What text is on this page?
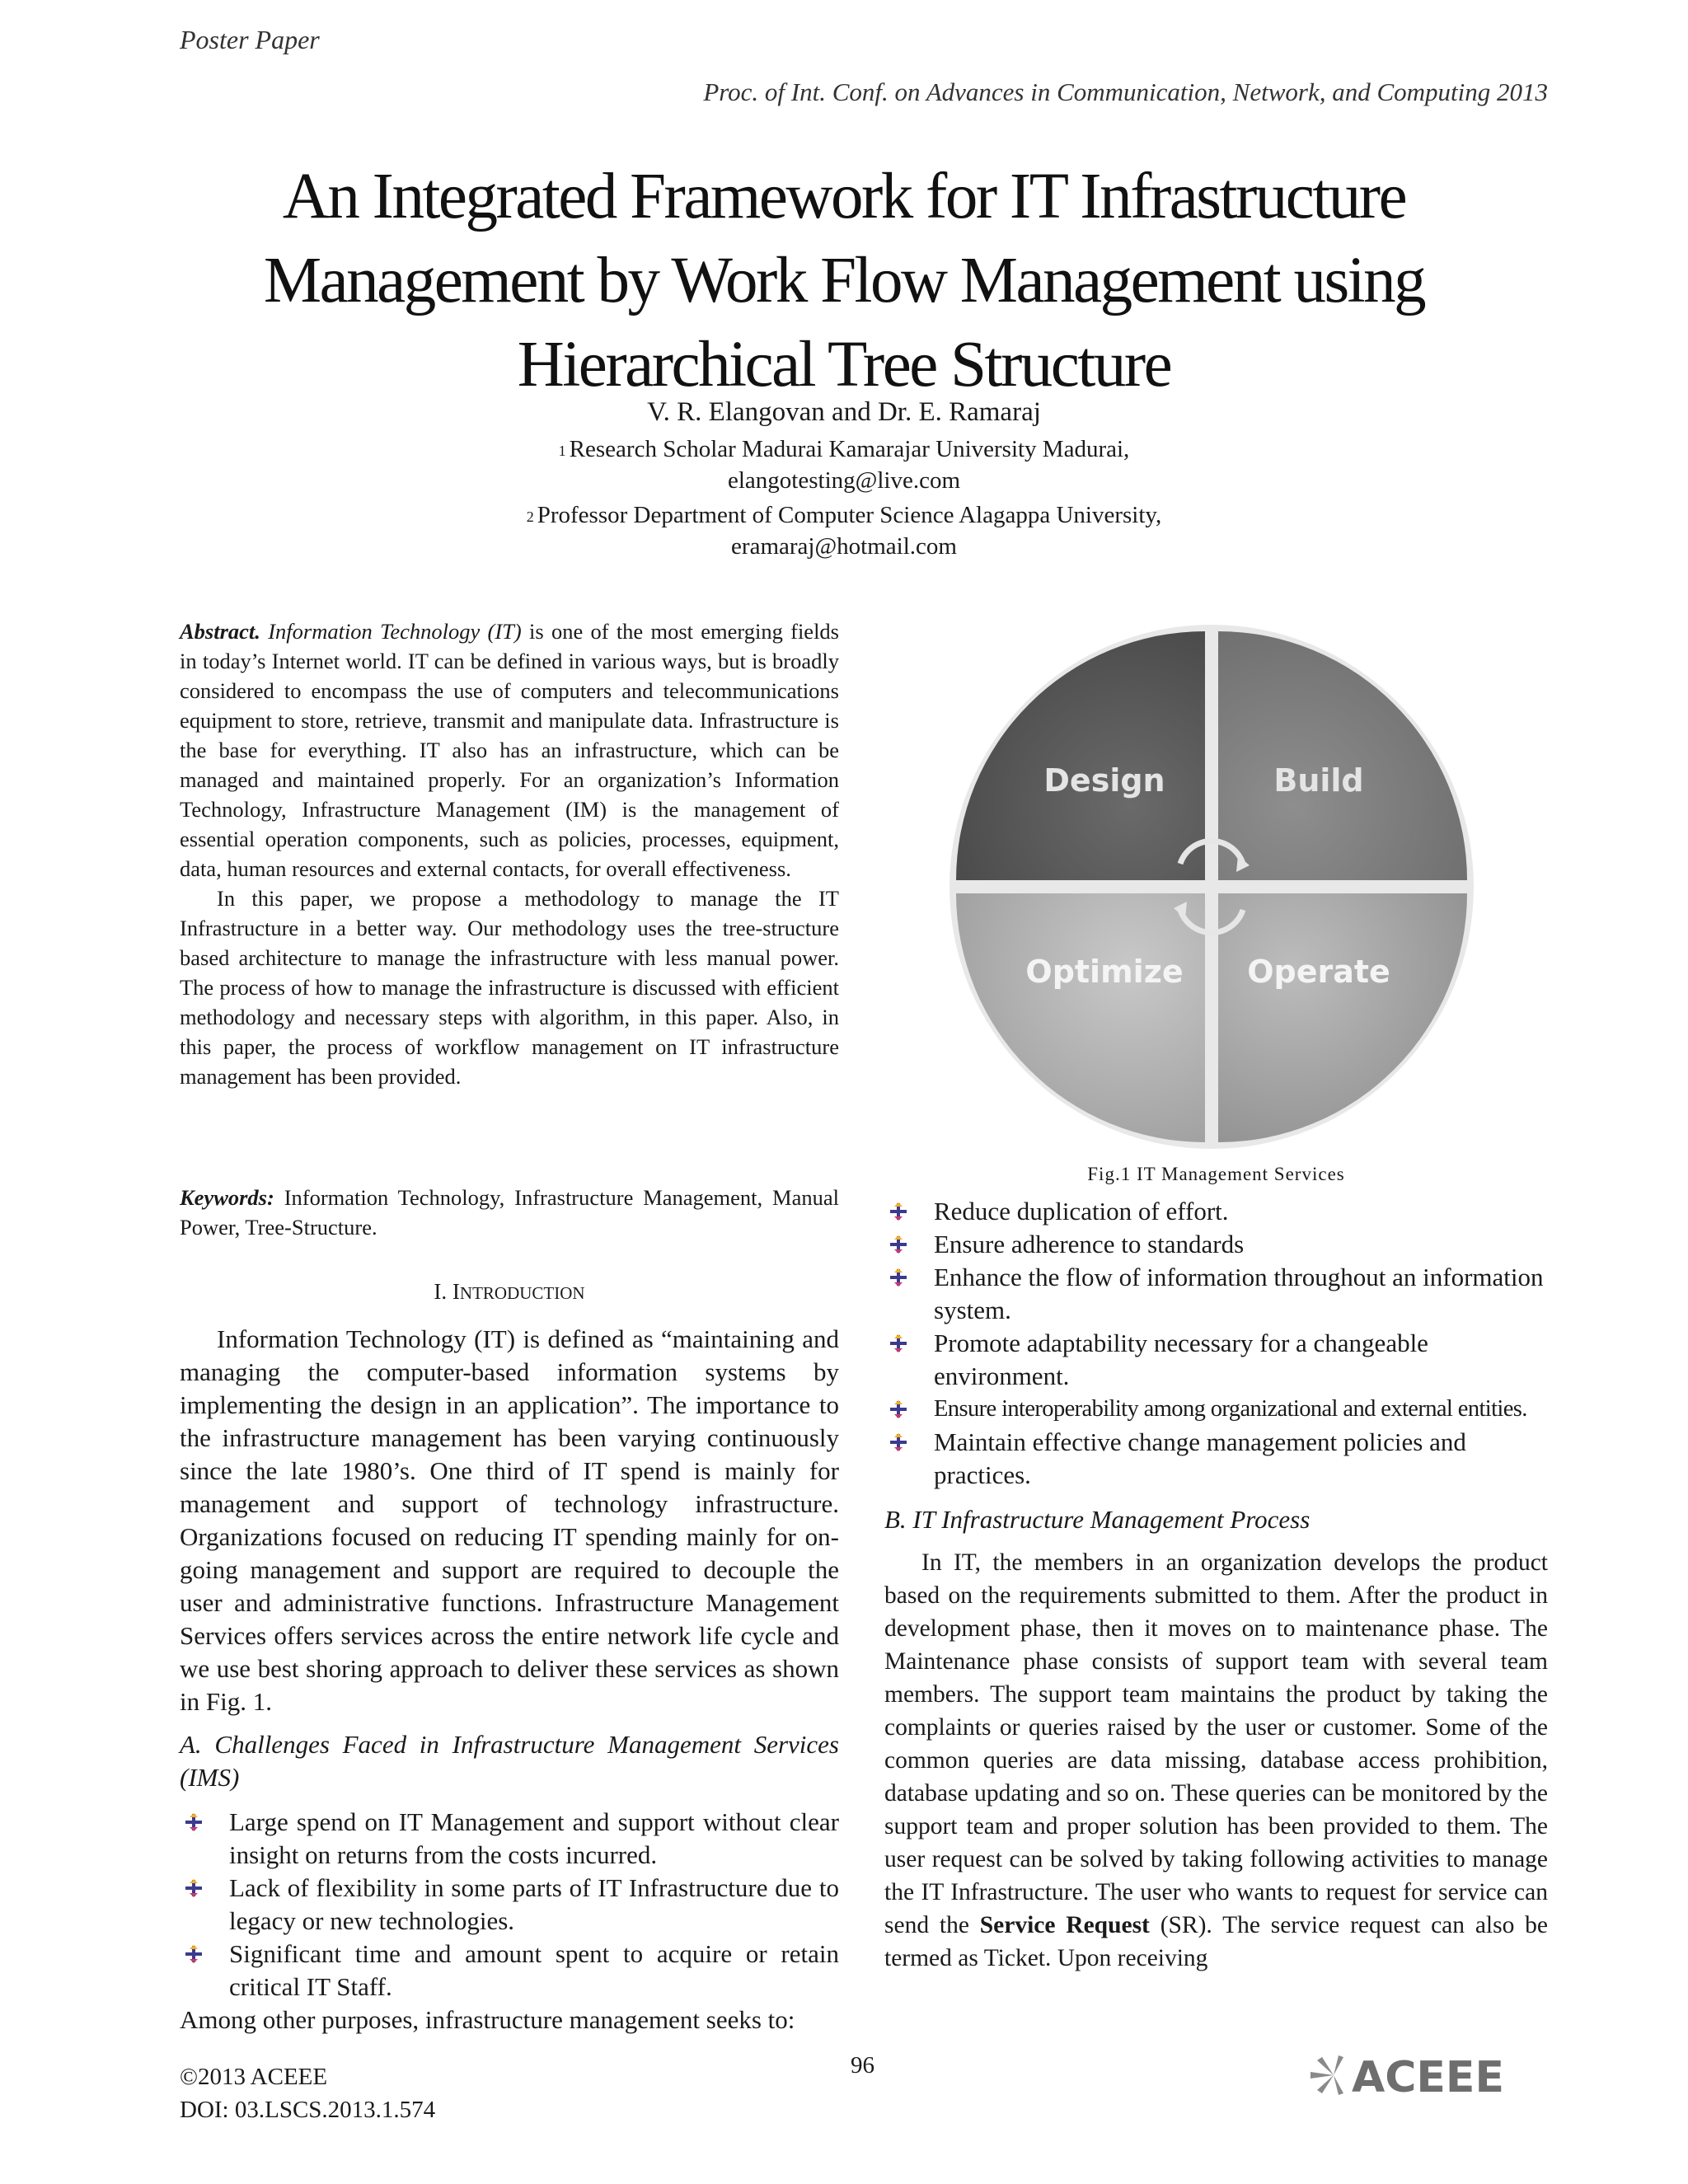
Poster Paper
Proc. of Int. Conf. on Advances in Communication, Network, and Computing 2013
An Integrated Framework for IT Infrastructure
Management by Work Flow Management using
Hierarchical Tree Structure
V. R. Elangovan and Dr. E. Ramaraj
$^1$ Research Scholar Madurai Kamarajar University Madurai,
elangotesting@live.com
$^2$ Professor Department of Computer Science Alagappa University,
eramaraj@hotmail.com

Abstract. Information Technology (IT) is one of the most emerging fields in today’s Internet world. IT can be defined in various ways, but is broadly considered to encompass the use of computers and telecommunications equipment to store, retrieve, transmit and manipulate data. Infrastructure is the base for everything. IT also has an infrastructure, which can be managed and maintained properly. For an organization’s Information Technology, Infrastructure Management (IM) is the management of essential operation components, such as policies, processes, equipment, data, human resources and external contacts, for overall effectiveness.

In this paper, we propose a methodology to manage the IT Infrastructure in a better way. Our methodology uses the tree-structure based architecture to manage the infrastructure with less manual power. The process of how to manage the infrastructure is discussed with efficient methodology and necessary steps with algorithm, in this paper. Also, in this paper, the process of workflow management on IT infrastructure management has been provided.

Keywords: Information Technology, Infrastructure Management, Manual Power, Tree-Structure.

I. INTRODUCTION

Information Technology (IT) is defined as “maintaining and managing the computer-based information systems by implementing the design in an application”. The importance to the infrastructure management has been varying continuously since the late 1980’s. One third of IT spend is mainly for management and support of technology infrastructure. Organizations focused on reducing IT spending mainly for on-going management and support are required to decouple the user and administrative functions. Infrastructure Management Services offers services across the entire network life cycle and we use best shoring approach to deliver these services as shown in Fig. 1.

A. Challenges Faced in Infrastructure Management Services (IMS)
Large spend on IT Management and support without clear insight on returns from the costs incurred.
Lack of flexibility in some parts of IT Infrastructure due to legacy or new technologies.
Significant time and amount spent to acquire or retain critical IT Staff.
Among other purposes, infrastructure management seeks to:
Design	Build
Optimize Operate
Fig.1 IT Management Services
Reduce duplication of effort.
Ensure adherence to standards
Enhance the flow of information throughout an information system.
Promote adaptability necessary for a changeable environment.
Ensure interoperability among organizational and external entities.
Maintain effective change management policies and practices.
B. IT Infrastructure Management Process

In IT, the members in an organization develops the product based on the requirements submitted to them. After the product in development phase, then it moves on to maintenance phase. The Maintenance phase consists of support team with several team members. The support team maintains the product by taking the complaints or queries raised by the user or customer. Some of the common queries are data missing, database access prohibition, database updating and so on. These queries can be monitored by the support team and proper solution has been provided to them. The user request can be solved by taking following activities to manage the IT Infrastructure. The user who wants to request for service can send the Service Request (SR). The service request can also be termed as Ticket. Upon receiving

©2013 ACEEE
DOI: 03.LSCS.2013.1.574
96	ACEEE
